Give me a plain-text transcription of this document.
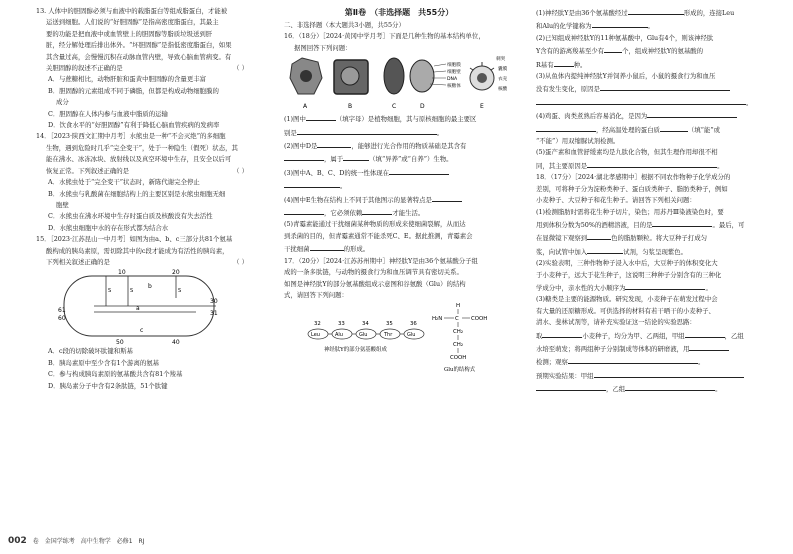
13. 人体中的胆固醇必须与血液中的载脂蛋白等组成脂蛋白，才能被

运送到细胞。人们说的“好胆固醇”是指高密度脂蛋白，其最主

要的功能是把血液中或血管壁上的胆固醇等脂质垃圾送到肝

脏，经分解处理后排出体外。“坏胆固醇”是指低密度脂蛋白，如果

其含量过高，会慢慢沉积在动脉血管内壁，导致心脑血管病变。有

关胆固醇的叙述不正确的是	（ ）

A．与蔗糖相比，动物肝脏和蛋黄中胆固醇的含量更丰富

B．胆固醇的元素组成不同于磷脂，但都是构成动物细胞膜的

成分

C．胆固醇在人体内参与血液中脂质的运输

D．饮食水平的“好胆固醇”有利于降低心脑血管疾病的发病率

14．［2023·陕西文汇期中月考］水熊虫是一种“不会灭绝”的多细胞

生物，遇到危险时几乎“完全变干”，处于一种隐生（假死）状态，其

能在沸水、冰冻冰块、放射线以及真空环境中生存，且安全以后可

恢复正常。下列叙述正确的是	（ ）

A．水熊虫处于“完全变干”状态时，新陈代谢完全停止

B．水熊虫与乳酸菌在细胞结构上的主要区别是水熊虫细胞无细

胞壁

C．水熊虫在沸水环境中生存时蛋白质及核酸没有失去活性

D．水熊虫细胞中水的存在形式都为结合水

15．［2023·江苏昆山一中月考］如图为由a、b、c三部分共81个氨基

酸构成的胰岛素原，需切除其中的c段才能成为有活性的胰岛素，

下列相关叙述正确的是	（ ）

10
b
20
30
31
a
61
60
c
50	40
S	S	S

A．c段的切除破坏肽键和斯基

B．胰岛素原中至少含有1个游离的氨基

C．参与构成胰岛素原的氨基酸共含有81个羧基

D．胰岛素分子中含有2条肽链，51个肽键

第Ⅱ卷　（非选择题　共55分）

二、非选择题（本大题共3小题，共55分）

16．（18分）［2024·黄冈中学月考］下面是几种生物的基本结构单位，

据图回答下列问题：

细胞膜
细胞壁
DNA
核糖体
刺突
囊膜
衣壳
核酸
A	B	C	D	E

(1)图中	（填字母）是植物细胞，其与原核细胞的最主要区

别是	。

(2)图中D是	，能够进行光合作用的物质基础是其含有

，属于	（填“异养”或“自养”）生物。

(3)图中A、B、C、D的统一性体现在

。

(4)图中E生物在结构上不同于其他图示的显著特点是

，它必须依赖	才能生活。

(5)青霉素能通过干扰细菌某种物质的形成来使细菌裂解，从而达

到杀菌的目的，但青霉素通常不能杀死C、E。据此推测，青霉素会

干扰细菌	的形成。

17．（20分）［2024·江苏苏州期中］神经肽Y是由36个氨基酸分子组

成的一条多肽链，与动物的摄食行为和血压调节具有密切关系。

如图是神经肽Y的部分氨基酸组成示意图和谷氨酸（Glu）的结构

式，请回答下列问题：

32	33	34	35	36
Leu	Alu	Glu	Thr	Glu
神经肽Y的部分氨基酸组成
H
H₂N C COOH
CH₂
CH₂
COOH
Glu的结构式

(1)神经肽Y是由36个氨基酸经过	形成的，连接Leu

和Alu的化学键称为	。

(2)已知组成神经肽Y的11种氨基酸中，Glu有4个，则该神经肽

Y含有的游离羧基至少有	个，组成神经肽Y的氨基酸的

R基有	种。

(3)从鱼体内提纯神经肽Y并饲养小鼠后，小鼠的摄食行为和血压

没有发生变化，原因是

。

(4)鸡蛋、肉类煮熟后容易消化，是因为

，经高温处理的蛋白质	（填“能”或

“不能”）用双缩脲试剂检测。

(5)蛋产素和血管舒缓素均是九肽化合物，但其生理作用却很不相

同，其主要原因是	。

18．（17分）［2024·湖北孝感期中］根据不同农作物种子化学成分的

差别，可将种子分为淀粉类种子、蛋白质类种子、脂肪类种子，例如

小麦种子、大豆种子和花生种子。请回答下列相关问题：

(1)检测脂肪时需将花生种子切片，染色；用苏丹Ⅲ染液染色时，要

用到体积分数为50%的酒精溶液，目的是	。最后，可

在显微镜下观察到	色的脂肪颗粒。将大豆种子打成匀

浆，向试管中加入	试剂，匀浆呈现紫色。

(2)实验表明，三种作物种子浸入水中后，大豆种子的体积变化大

于小麦种子，远大于花生种子，这说明三种种子分别含有的三种化

学成分中，亲水性的大小顺序为	。

(3)糖类是主要的能源物质。研究发现，小麦种子在萌发过程中会

有大量的还原糖形成。可供选择的材料有若干晒干的小麦种子、

清水、斐林试剂等，请补充实验证这一结论的实验思路：

取	小麦种子，均分为甲、乙两组，甲组	，乙组

水培至萌发；将两组种子分别制成等体积的研磨液，用

检测；观察	。

预期实验结果：甲组

，乙组	。

002 卷　金国学练考　高中生物学　必修1　RJ
